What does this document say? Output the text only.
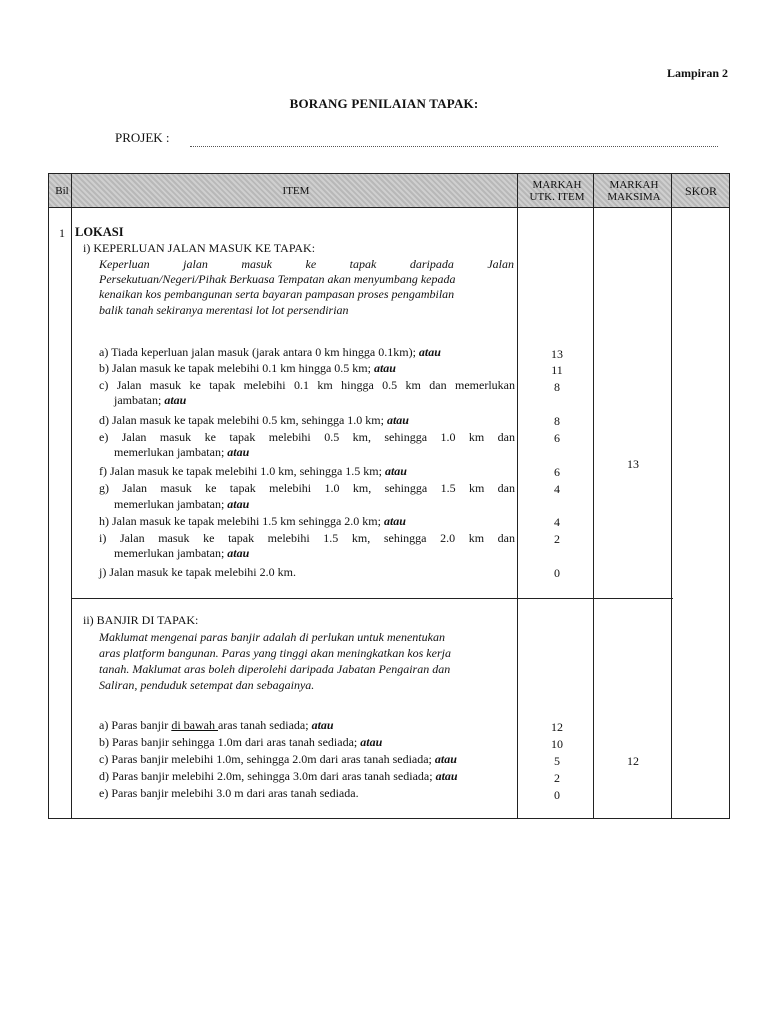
Lampiran 2
BORANG PENILAIAN TAPAK:
PROJEK :
Bil	ITEM	MARKAH
UTK. ITEM
MARKAH
MAKSIMA SKOR
1 LOKASI
i) KEPERLUAN JALAN MASUK KE TAPAK:
Keperluan jalan masuk ke tapak daripada Jalan
Persekutuan/Negeri/Pihak Berkuasa Tempatan akan menyumbang kepada
kenaikan kos pembangunan serta bayaran pampasan proses pengambilan
balik tanah sekiranya merentasi lot lot persendirian
a) Tiada keperluan jalan masuk (jarak antara 0 km hingga 0.1km); atau
b) Jalan masuk ke tapak melebihi 0.1 km hingga 0.5 km; atau
c) Jalan masuk ke tapak melebihi 0.1 km hingga 0.5 km dan memerlukan
jambatan; atau
d) Jalan masuk ke tapak melebihi 0.5 km, sehingga 1.0 km; atau
e) Jalan masuk ke tapak melebihi 0.5 km, sehingga 1.0 km dan
memerlukan jambatan; atau
f) Jalan masuk ke tapak melebihi 1.0 km, sehingga 1.5 km; atau
g) Jalan masuk ke tapak melebihi 1.0 km, sehingga 1.5 km dan
memerlukan jambatan; atau
h) Jalan masuk ke tapak melebihi 1.5 km sehingga 2.0 km; atau
i) Jalan masuk ke tapak melebihi 1.5 km, sehingga 2.0 km dan
memerlukan jambatan; atau
j) Jalan masuk ke tapak melebihi 2.0 km.
13
11
8
8
6
6
4
4
2
0
13
ii) BANJIR DI TAPAK:
Maklumat mengenai paras banjir adalah di perlukan untuk menentukan
aras platform bangunan. Paras yang tinggi akan meningkatkan kos kerja
tanah. Maklumat aras boleh diperolehi daripada Jabatan Pengairan dan
Saliran, penduduk setempat dan sebagainya.
a) Paras banjir di bawah aras tanah sediada; atau
b) Paras banjir sehingga 1.0m dari aras tanah sediada; atau
c) Paras banjir melebihi 1.0m, sehingga 2.0m dari aras tanah sediada; atau
d) Paras banjir melebihi 2.0m, sehingga 3.0m dari aras tanah sediada; atau
e) Paras banjir melebihi 3.0 m dari aras tanah sediada.
12
10
5
2
0
12
